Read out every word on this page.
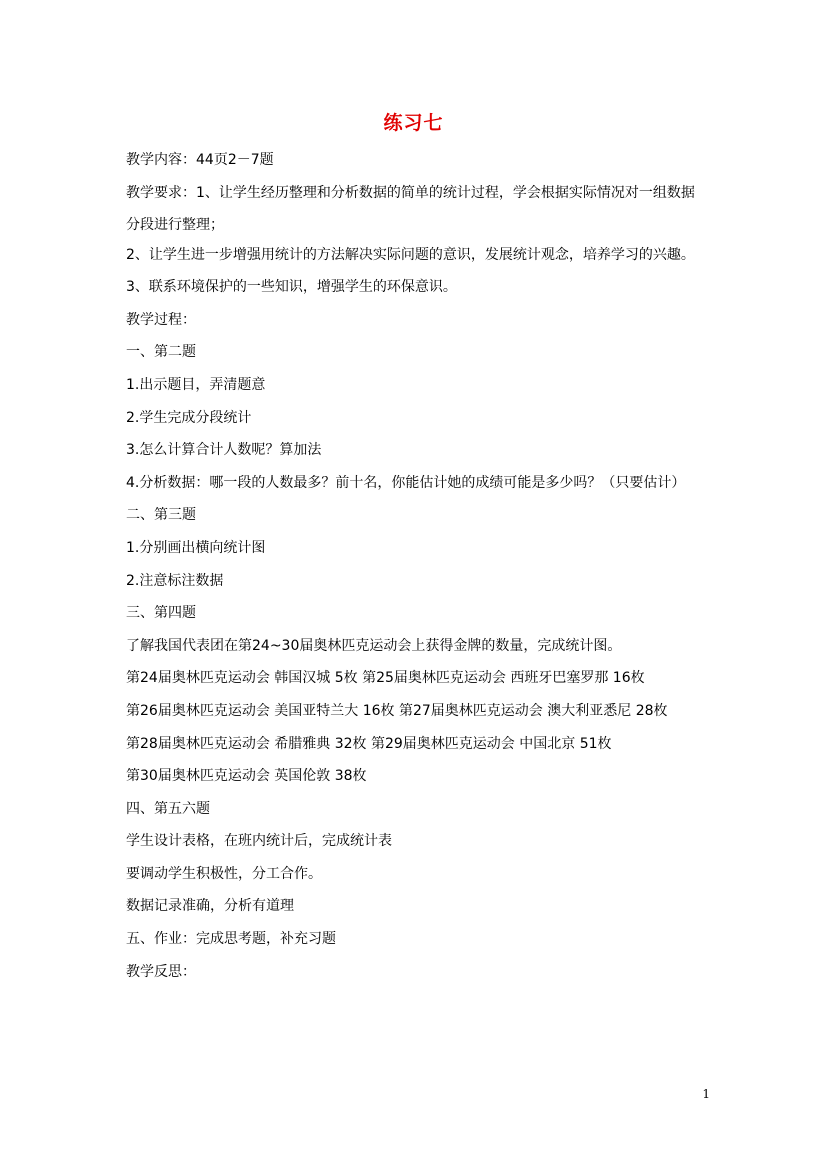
练习七
教学内容：44页2－7题
教学要求：1、让学生经历整理和分析数据的简单的统计过程，学会根据实际情况对一组数据分段进行整理；
2、让学生进一步增强用统计的方法解决实际问题的意识，发展统计观念，培养学习的兴趣。
3、联系环境保护的一些知识，增强学生的环保意识。
教学过程：
一、第二题
1.出示题目，弄清题意
2.学生完成分段统计
3.怎么计算合计人数呢？算加法
4.分析数据：哪一段的人数最多？前十名，你能估计她的成绩可能是多少吗？（只要估计）
二、第三题
1.分别画出横向统计图
2.注意标注数据
三、第四题
了解我国代表团在第24~30届奥林匹克运动会上获得金牌的数量，完成统计图。
第24届奥林匹克运动会 韩国汉城 5枚 第25届奥林匹克运动会 西班牙巴塞罗那 16枚
第26届奥林匹克运动会 美国亚特兰大 16枚 第27届奥林匹克运动会 澳大利亚悉尼 28枚
第28届奥林匹克运动会 希腊雅典 32枚 第29届奥林匹克运动会 中国北京 51枚
第30届奥林匹克运动会 英国伦敦 38枚
四、第五六题
学生设计表格，在班内统计后，完成统计表
要调动学生积极性，分工合作。
数据记录准确，分析有道理
五、作业：完成思考题，补充习题
教学反思：
1
